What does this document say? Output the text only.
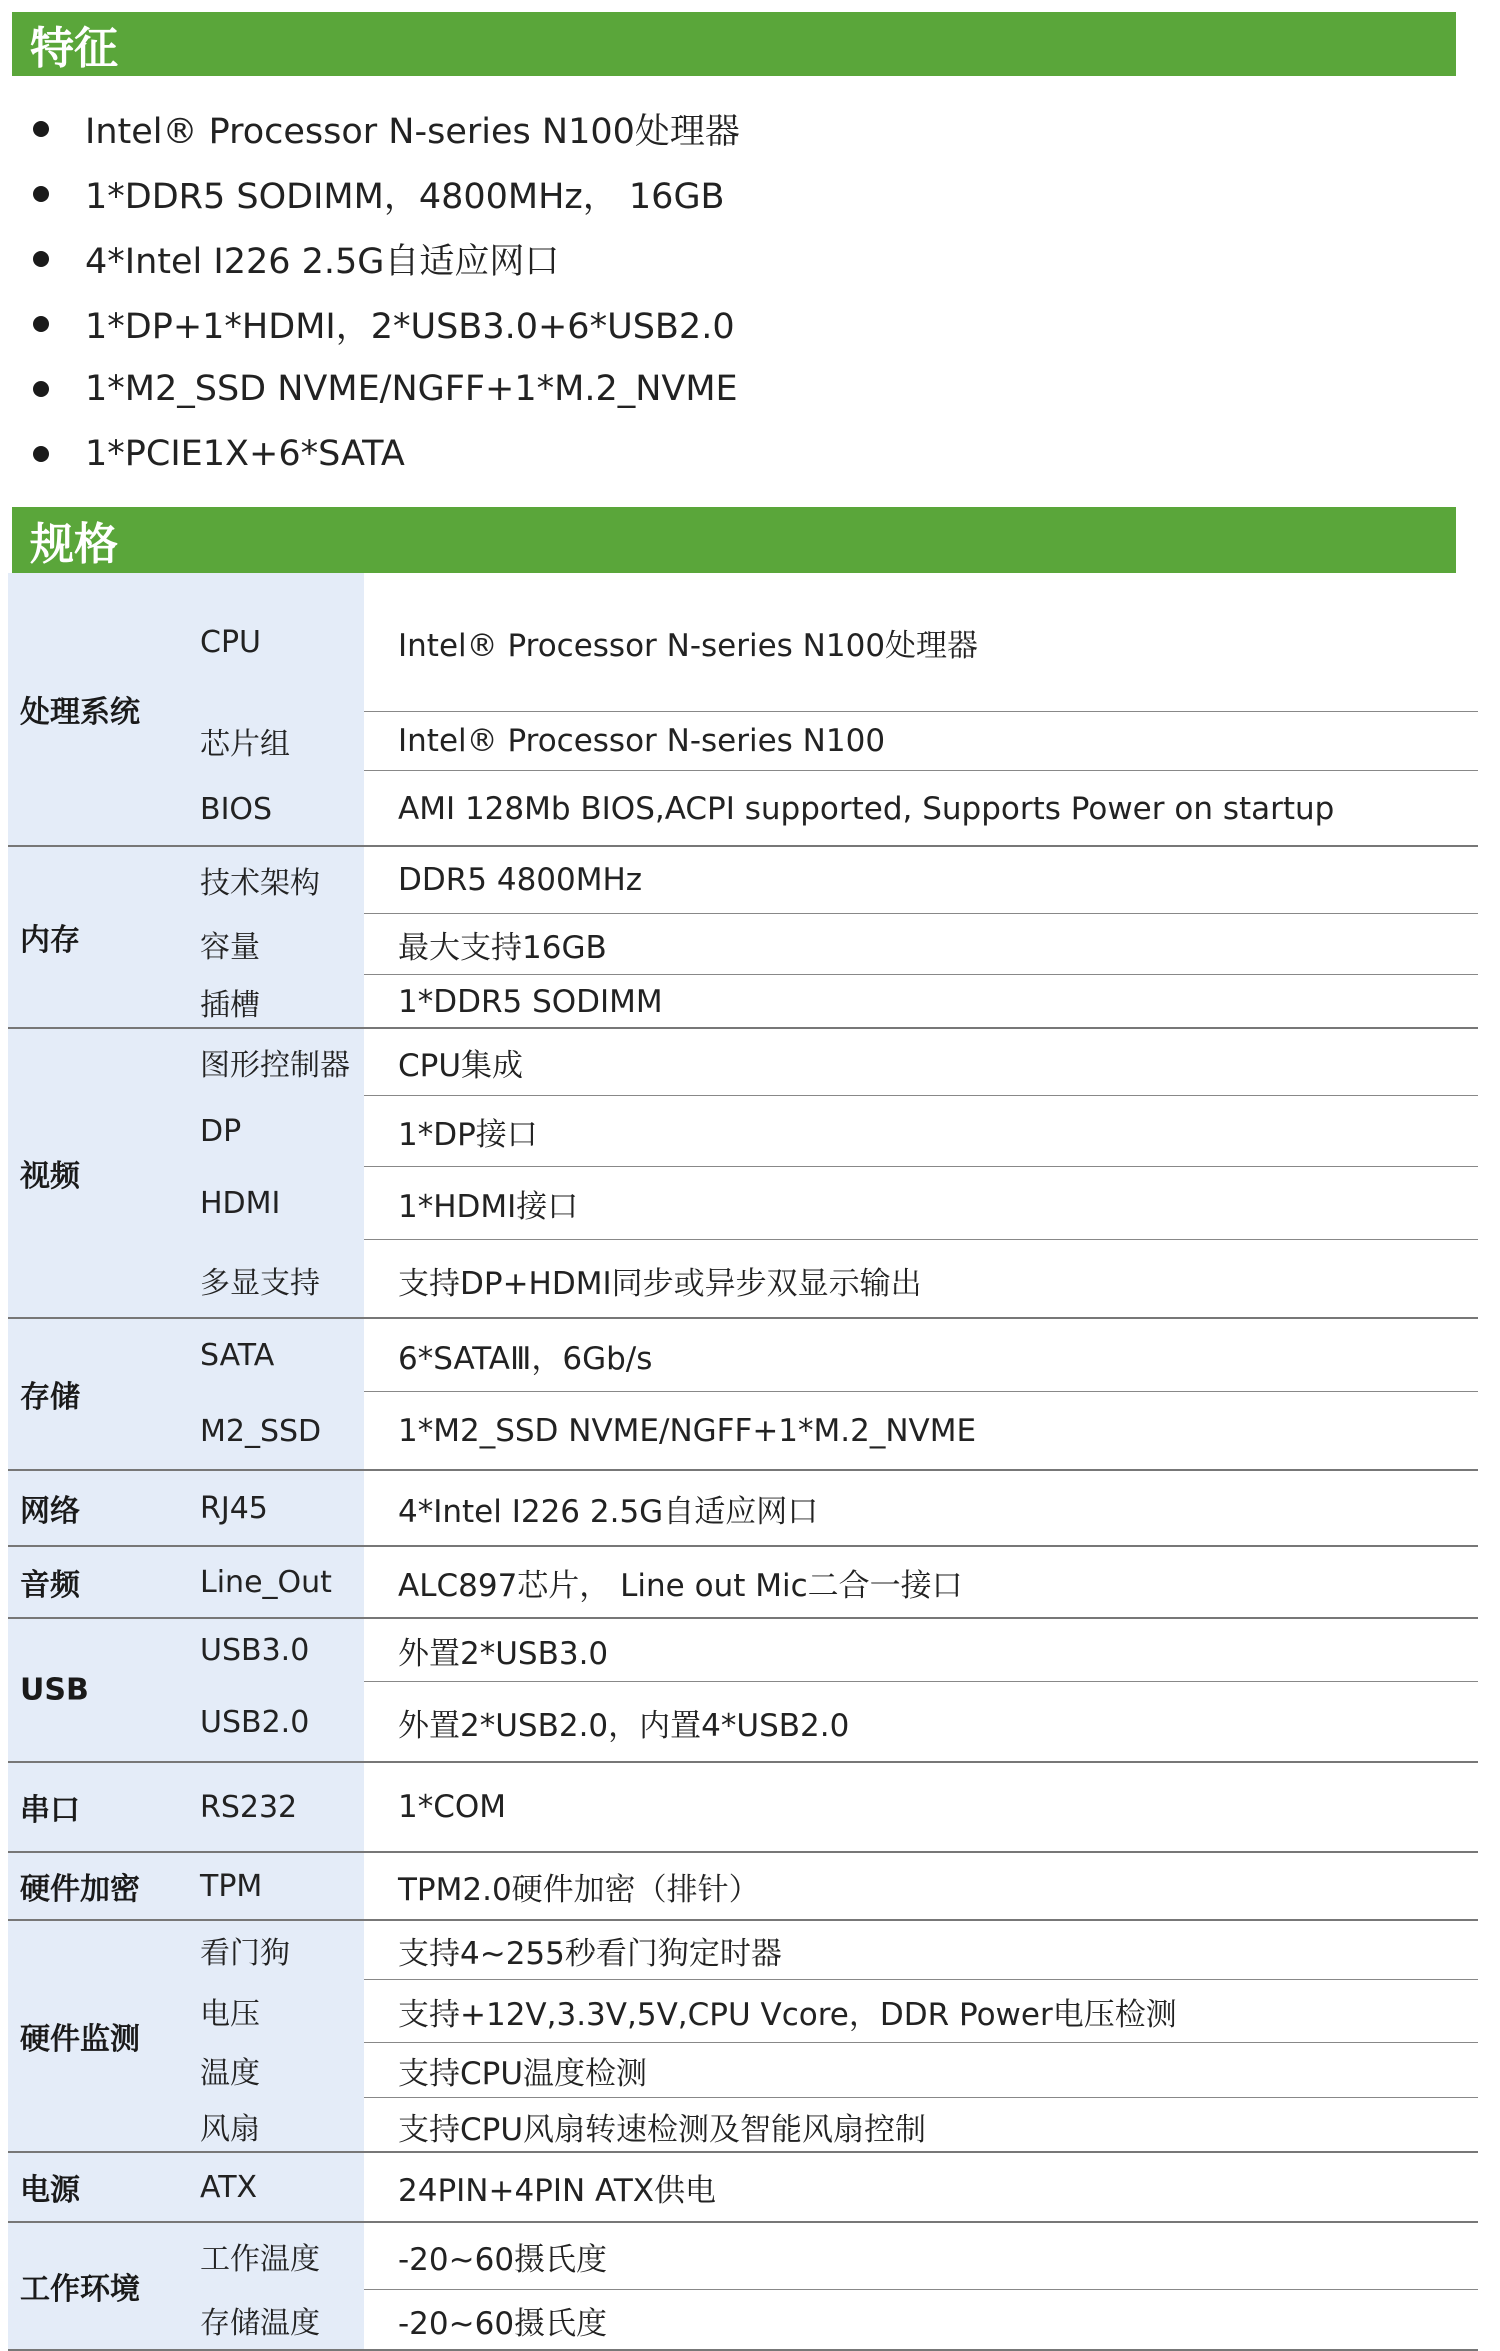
特征
Intel® Processor N-series N100处理器
1*DDR5 SODIMM，4800MHz， 16GB
4*Intel I226 2.5G自适应网口
1*DP+1*HDMI，2*USB3.0+6*USB2.0
1*M2_SSD NVME/NGFF+1*M.2_NVME
1*PCIE1X+6*SATA
规格
处理系统
CPU	Intel® Processor N-series N100处理器
芯片组	Intel® Processor N-series N100
BIOS	AMI 128Mb BIOS,ACPI supported, Supports Power on startup
内存
技术架构	DDR5 4800MHz
容量	最大支持16GB
插槽	1*DDR5 SODIMM
视频
图形控制器	CPU集成
DP	1*DP接口
HDMI	1*HDMI接口
多显支持	支持DP+HDMI同步或异步双显示输出
存储
SATA	6*SATAⅢ，6Gb/s
M2_SSD	1*M2_SSD NVME/NGFF+1*M.2_NVME
网络	RJ45	4*Intel I226 2.5G自适应网口
音频	Line_Out	ALC897芯片， Line out Mic二合一接口
USB
USB3.0	外置2*USB3.0
USB2.0	外置2*USB2.0，内置4*USB2.0
串口	RS232	1*COM
硬件加密 TPM	TPM2.0硬件加密（排针）
硬件监测
看门狗	支持4~255秒看门狗定时器
电压	支持+12V,3.3V,5V,CPU Vcore，DDR Power电压检测
温度	支持CPU温度检测
风扇	支持CPU风扇转速检测及智能风扇控制
电源	ATX	24PIN+4PIN ATX供电
工作环境
工作温度	-20~60摄氏度
存储温度	-20~60摄氏度
